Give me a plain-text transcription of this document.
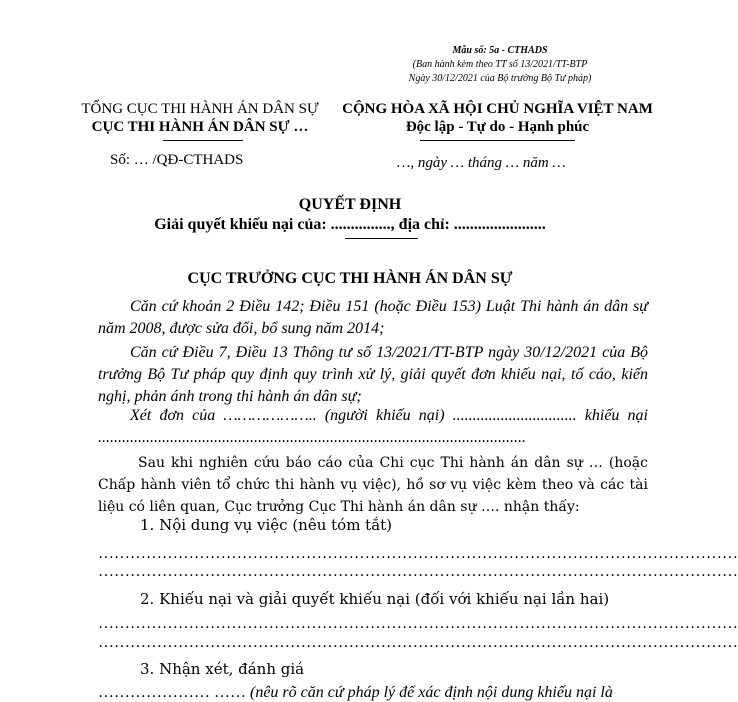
Mẫu số: 5a - CTHADS
(Ban hành kèm theo TT số 13/2021/TT-BTP
Ngày 30/12/2021 của Bộ trưởng Bộ Tư pháp)
TỔNG CỤC THI HÀNH ÁN DÂN SỰ
CỤC THI HÀNH ÁN DÂN SỰ …
Số: … /QĐ-CTHADS
CỘNG HÒA XÃ HỘI CHỦ NGHĨA VIỆT NAM
Độc lập - Tự do - Hạnh phúc
…, ngày … tháng … năm …
QUYẾT ĐỊNH
Giải quyết khiếu nại của: ..............., địa chỉ: .......................
CỤC TRƯỞNG CỤC THI HÀNH ÁN DÂN SỰ
Căn cứ khoản 2 Điều 142; Điều 151 (hoặc Điều 153) Luật Thi hành án dân sự năm 2008, được sửa đổi, bổ sung năm 2014;
Căn cứ Điều 7, Điều 13 Thông tư số 13/2021/TT-BTP ngày 30/12/2021 của Bộ trưởng Bộ Tư pháp quy định quy trình xử lý, giải quyết đơn khiếu nại, tố cáo, kiến nghị, phản ánh trong thi hành án dân sự;
Xét đơn của ……………….. (người khiếu nại) ............................... khiếu nại ...........................................................................................................
Sau khi nghiên cứu báo cáo của Chi cục Thi hành án dân sự … (hoặc Chấp hành viên tổ chức thi hành vụ việc), hồ sơ vụ việc kèm theo và các tài liệu có liên quan, Cục trưởng Cục Thi hành án dân sự …. nhận thấy:
1. Nội dung vụ việc (nêu tóm tắt)
…………………………………………………………………………………………………………
…………………………………………………………………………………………………………
2. Khiếu nại và giải quyết khiếu nại (đối với khiếu nại lần hai)
…………………………………………………………………………………………………………
…………………………………………………………………………………………………………
3. Nhận xét, đánh giá
………………… …… (nêu rõ căn cứ pháp lý để xác định nội dung khiếu nại là
